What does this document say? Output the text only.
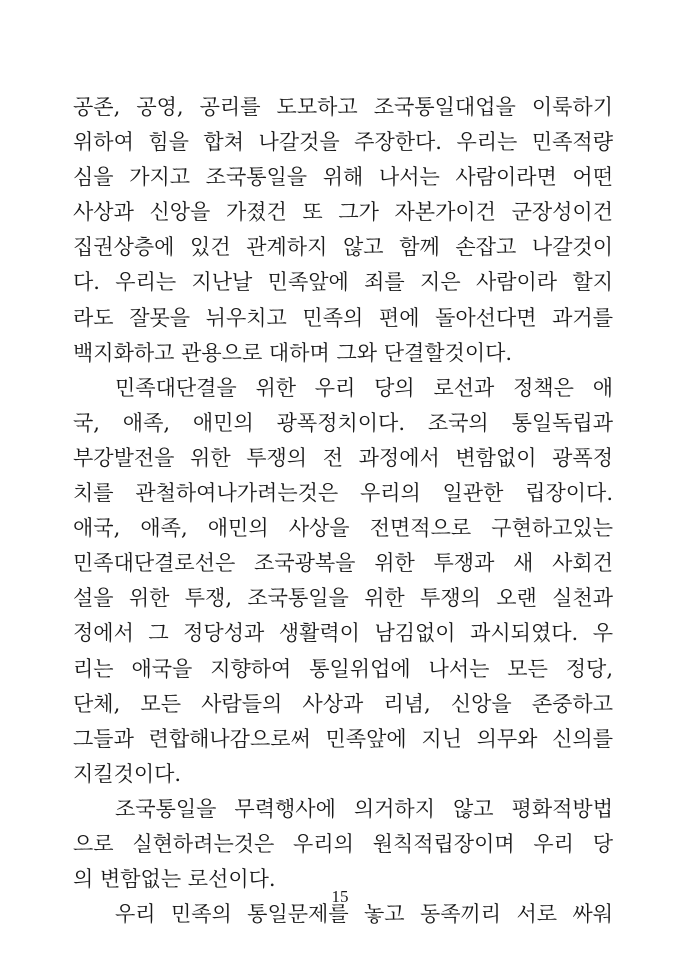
공존, 공영, 공리를 도모하고 조국통일대업을 이룩하기
위하여 힘을 합쳐 나갈것을 주장한다. 우리는 민족적량
심을 가지고 조국통일을 위해 나서는 사람이라면 어떤
사상과 신앙을 가졌건 또 그가 자본가이건 군장성이건
집권상층에 있건 관계하지 않고 함께 손잡고 나갈것이
다. 우리는 지난날 민족앞에 죄를 지은 사람이라 할지
라도 잘못을 뉘우치고 민족의 편에 돌아선다면 과거를
백지화하고 관용으로 대하며 그와 단결할것이다.
민족대단결을 위한 우리 당의 로선과 정책은 애
국, 애족, 애민의 광폭정치이다. 조국의 통일독립과
부강발전을 위한 투쟁의 전 과정에서 변함없이 광폭정
치를 관철하여나가려는것은 우리의 일관한 립장이다.
애국, 애족, 애민의 사상을 전면적으로 구현하고있는
민족대단결로선은 조국광복을 위한 투쟁과 새 사회건
설을 위한 투쟁, 조국통일을 위한 투쟁의 오랜 실천과
정에서 그 정당성과 생활력이 남김없이 과시되였다. 우
리는 애국을 지향하여 통일위업에 나서는 모든 정당,
단체, 모든 사람들의 사상과 리념, 신앙을 존중하고
그들과 련합해나감으로써 민족앞에 지닌 의무와 신의를
지킬것이다.
조국통일을 무력행사에 의거하지 않고 평화적방법
으로 실현하려는것은 우리의 원칙적립장이며 우리 당
의 변함없는 로선이다.
우리 민족의 통일문제를 놓고 동족끼리 서로 싸워
15
